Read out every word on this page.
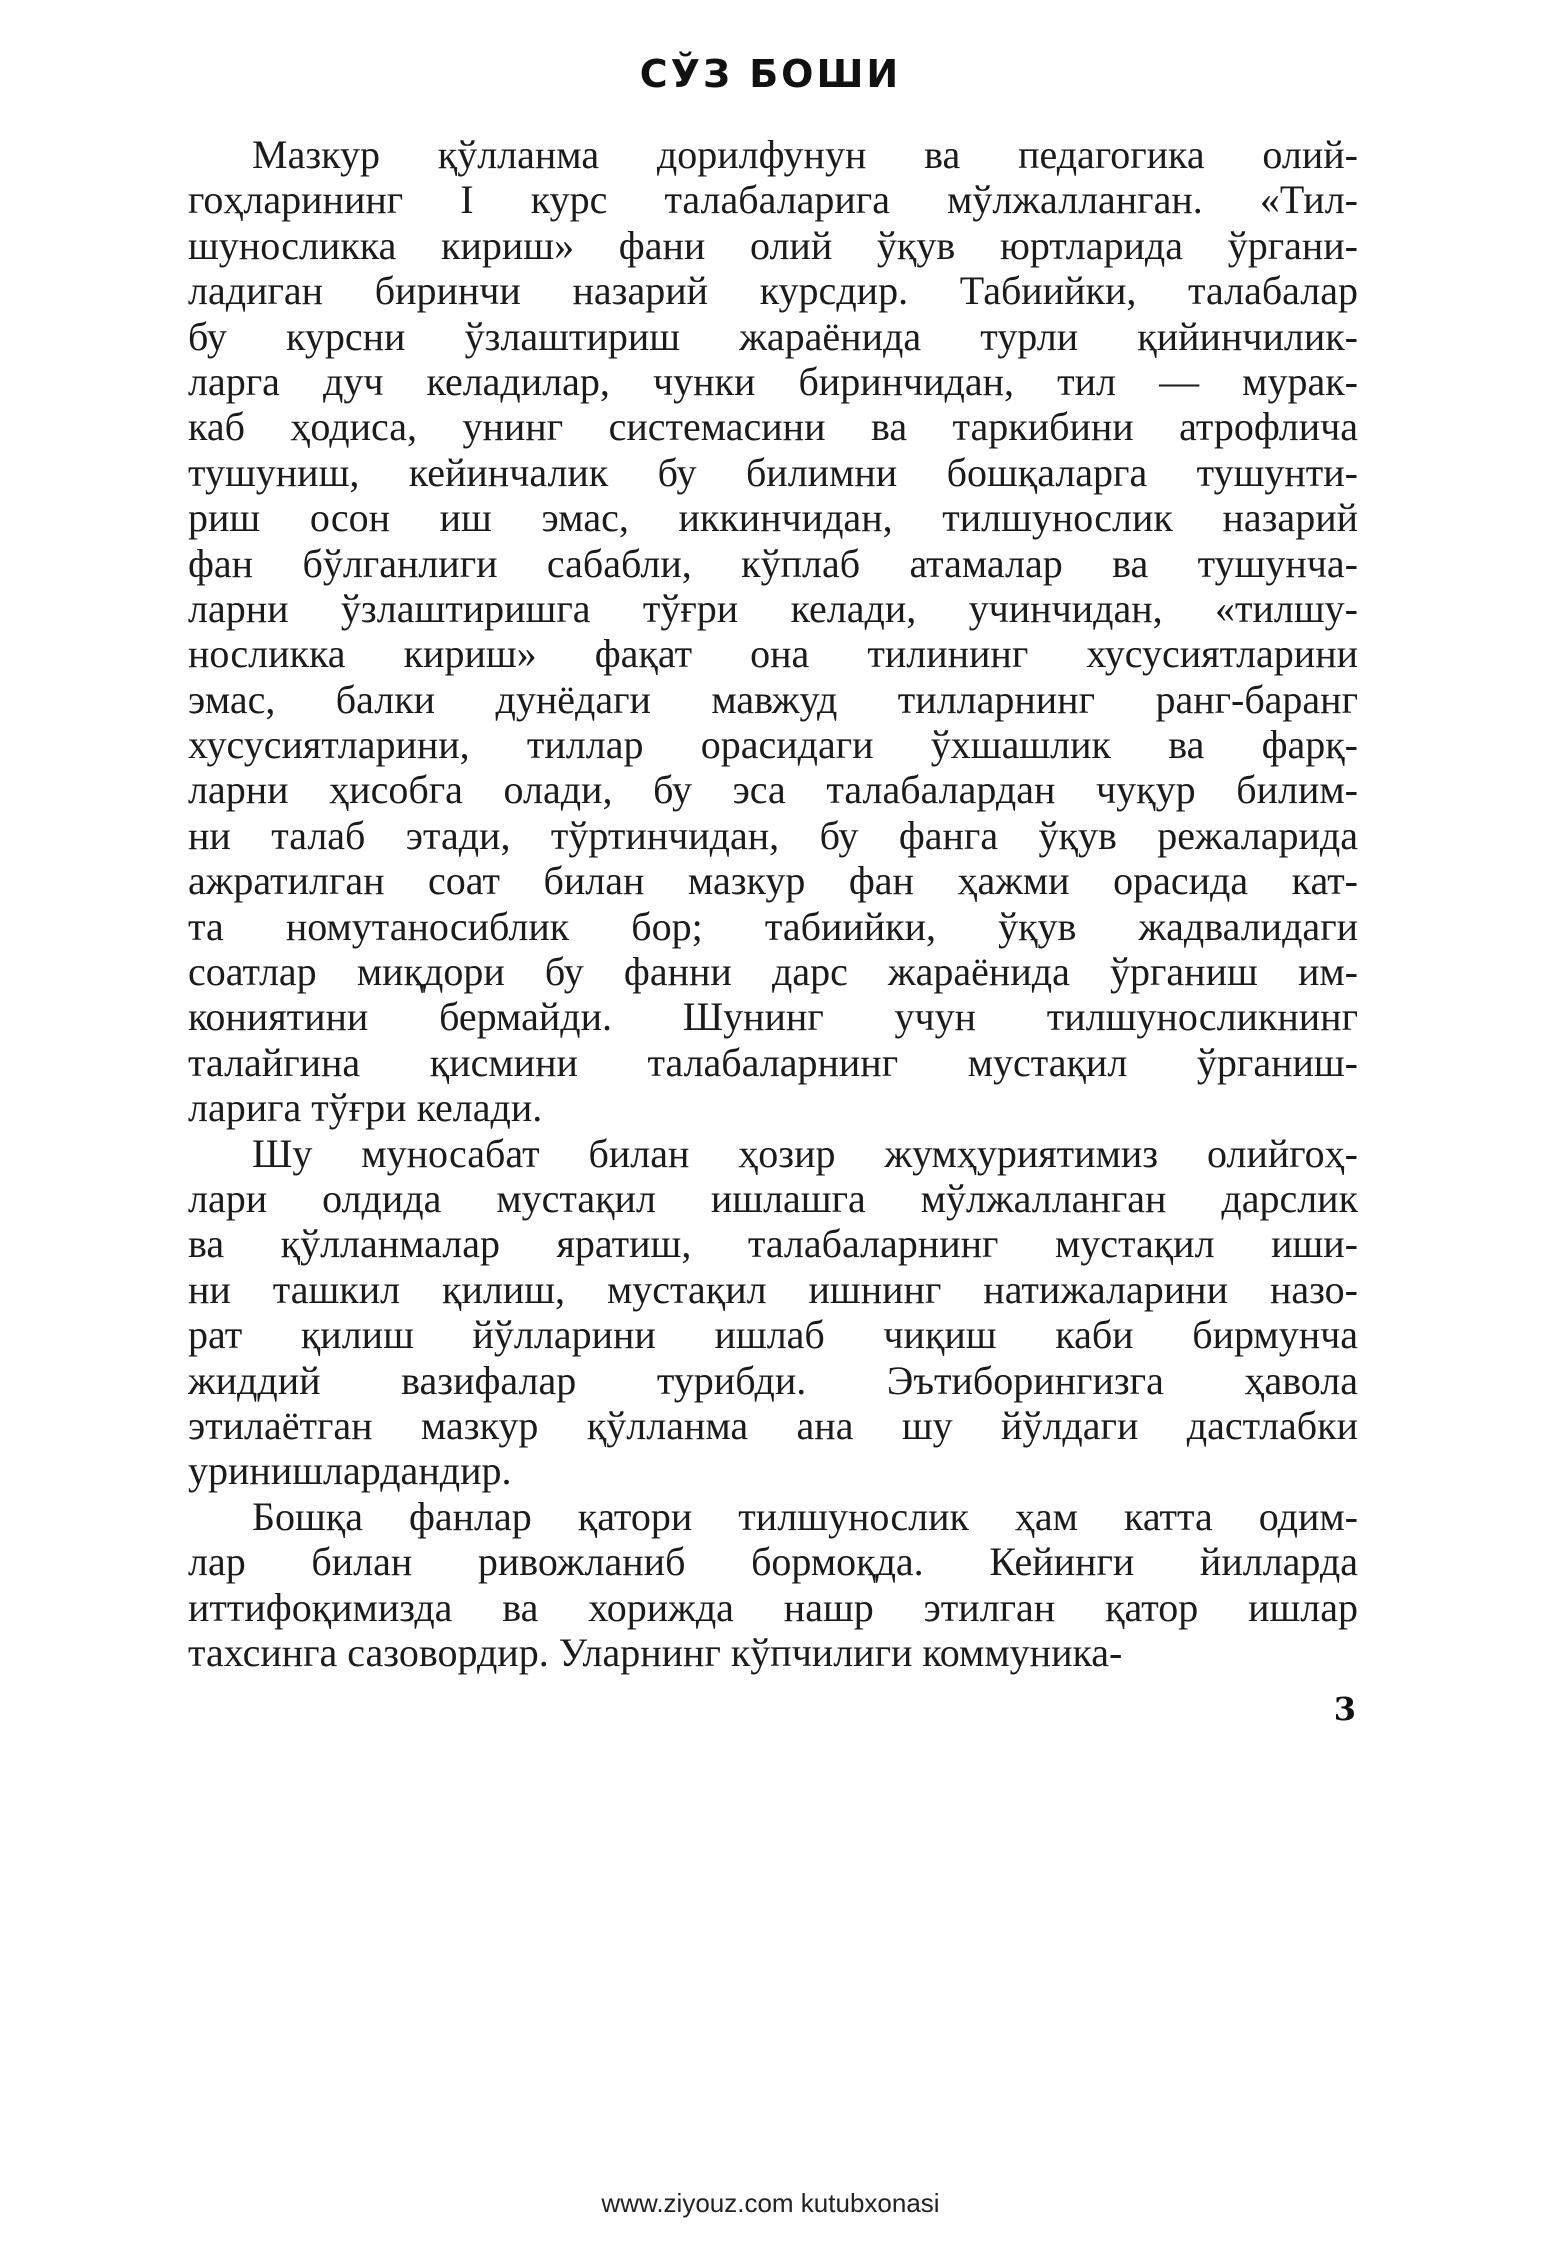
СЎЗ БОШИ
Мазкур қўлланма дорилфунун ва педагогика олий-
гоҳларининг I курс талабаларига мўлжалланган. «Тил-
шуносликка кириш» фани олий ўқув юртларида ўргани-
ладиган биринчи назарий курсдир. Табиийки, талабалар
бу курсни ўзлаштириш жараёнида турли қийинчилик-
ларга дуч келадилар, чунки биринчидан, тил — мурак-
каб ҳодиса, унинг системасини ва таркибини атрофлича
тушуниш, кейинчалик бу билимни бошқаларга тушунти-
риш осон иш эмас, иккинчидан, тилшунослик назарий
фан бўлганлиги сабабли, кўплаб атамалар ва тушунча-
ларни ўзлаштиришга тўғри келади, учинчидан, «тилшу-
носликка кириш» фақат она тилининг хусусиятларини
эмас, балки дунёдаги мавжуд тилларнинг ранг-баранг
хусусиятларини, тиллар орасидаги ўхшашлик ва фарқ-
ларни ҳисобга олади, бу эса талабалардан чуқур билим-
ни талаб этади, тўртинчидан, бу фанга ўқув режаларида
ажратилган соат билан мазкур фан ҳажми орасида кат-
та номутаносиблик бор; табиийки, ўқув жадвалидаги
соатлар миқдори бу фанни дарс жараёнида ўрганиш им-
кониятини бермайди. Шунинг учун тилшуносликнинг
талайгина қисмини талабаларнинг мустақил ўрганиш-
ларига тўғри келади.
Шу муносабат билан ҳозир жумҳуриятимиз олийгоҳ-
лари олдида мустақил ишлашга мўлжалланган дарслик
ва қўлланмалар яратиш, талабаларнинг мустақил иши-
ни ташкил қилиш, мустақил ишнинг натижаларини назо-
рат қилиш йўлларини ишлаб чиқиш каби бирмунча
жиддий вазифалар турибди. Эътиборингизга ҳавола
этилаётган мазкур қўлланма ана шу йўлдаги дастлабки
уринишлардандир.
Бошқа фанлар қатори тилшунослик ҳам катта одим-
лар билан ривожланиб бормоқда. Кейинги йилларда
иттифоқимизда ва хорижда нашр этилган қатор ишлар
тахсинга сазовордир. Уларнинг кўпчилиги коммуника-
3
www.ziyouz.com kutubxonasi
